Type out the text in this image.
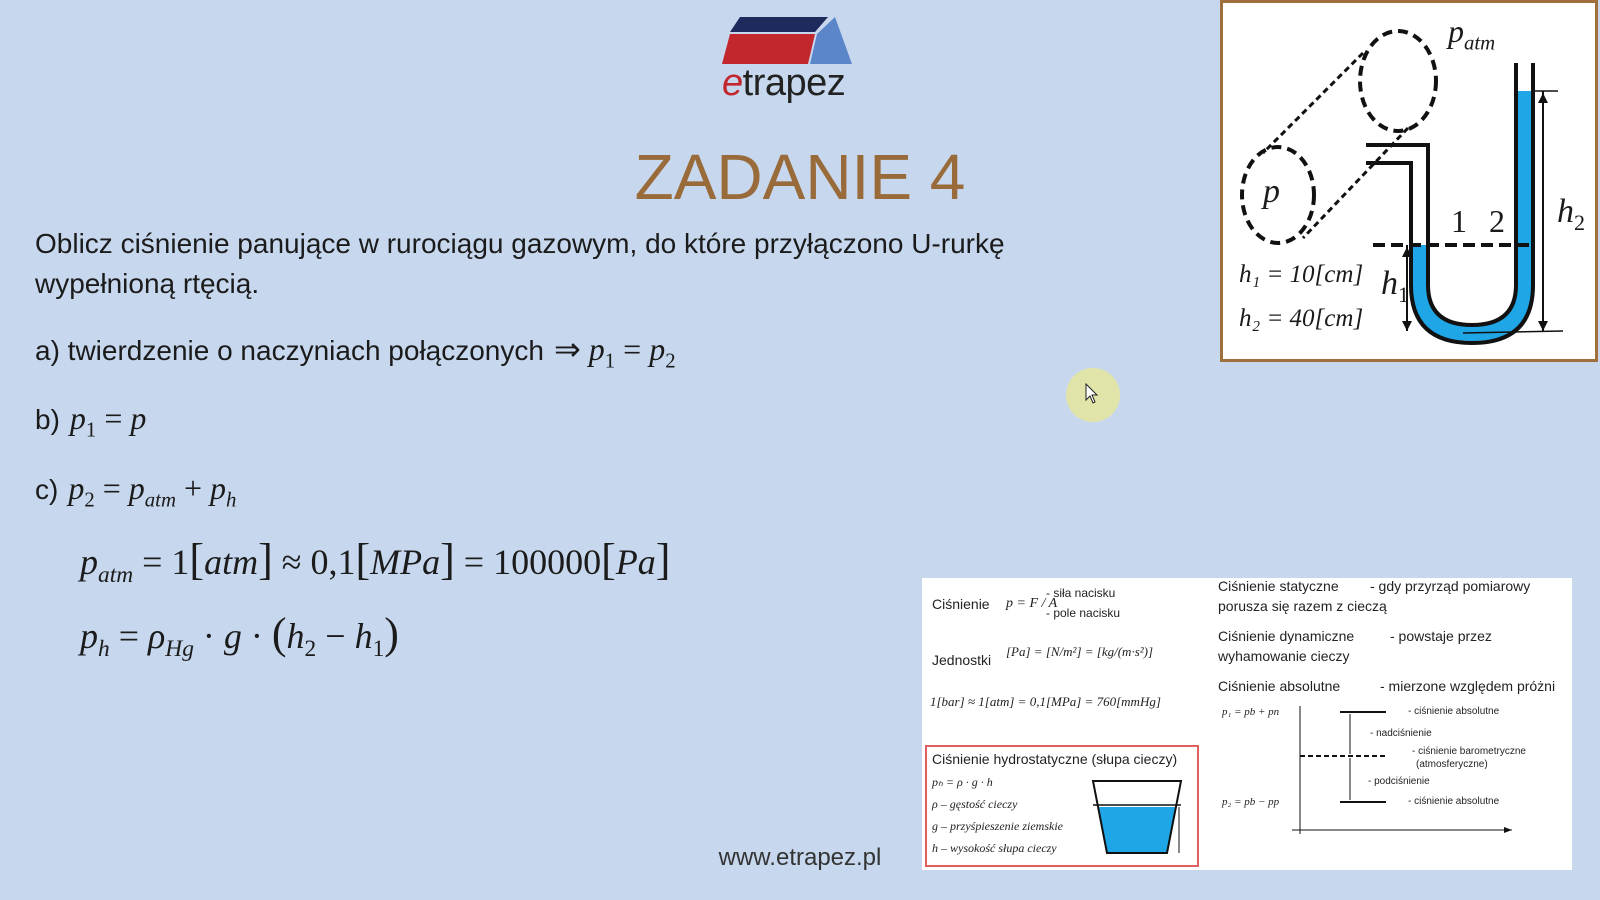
etrapez
ZADANIE 4
Oblicz ciśnienie panujące w rurociągu gazowym, do które przyłączono U-rurkę wypełnioną rtęcią.
a) twierdzenie o naczyniach połączonych ⇒ $p_1 = p_2$
b) $p_1 = p$
c) $p_2 = p_{atm} + p_h$
$p_{atm} = 1[atm] \approx 0,1[MPa] = 100000[Pa]$
$p_h = \rho_{Hg} \cdot g \cdot (h_2 - h_1)$
$p_{atm}$
p
1 2
$h_1$
$h_2$
h₁ = 10[cm]
h₂ = 40[cm]
Ciśnienie p = F / A
- siła nacisku
- pole nacisku
Jednostki
[Pa] = [N/m²] = [kg/(m·s²)]
1[bar] ≈ 1[atm] = 0,1[MPa] = 760[mmHg]
Ciśnienie hydrostatyczne (słupa cieczy)
pₕ = ρ · g · h
ρ – gęstość cieczy
g – przyśpieszenie ziemskie
h – wysokość słupa cieczy
Ciśnienie statyczne - gdy przyrząd pomiarowy
porusza się razem z cieczą
Ciśnienie dynamiczne	- powstaje przez
wyhamowanie cieczy
Ciśnienie absolutne	- mierzone względem próżni
p₁ = pb + pn
p₂ = pb − pp
- ciśnienie absolutne
- nadciśnienie
- ciśnienie barometryczne
(atmosferyczne)
- podciśnienie
- ciśnienie absolutne
www.etrapez.pl
